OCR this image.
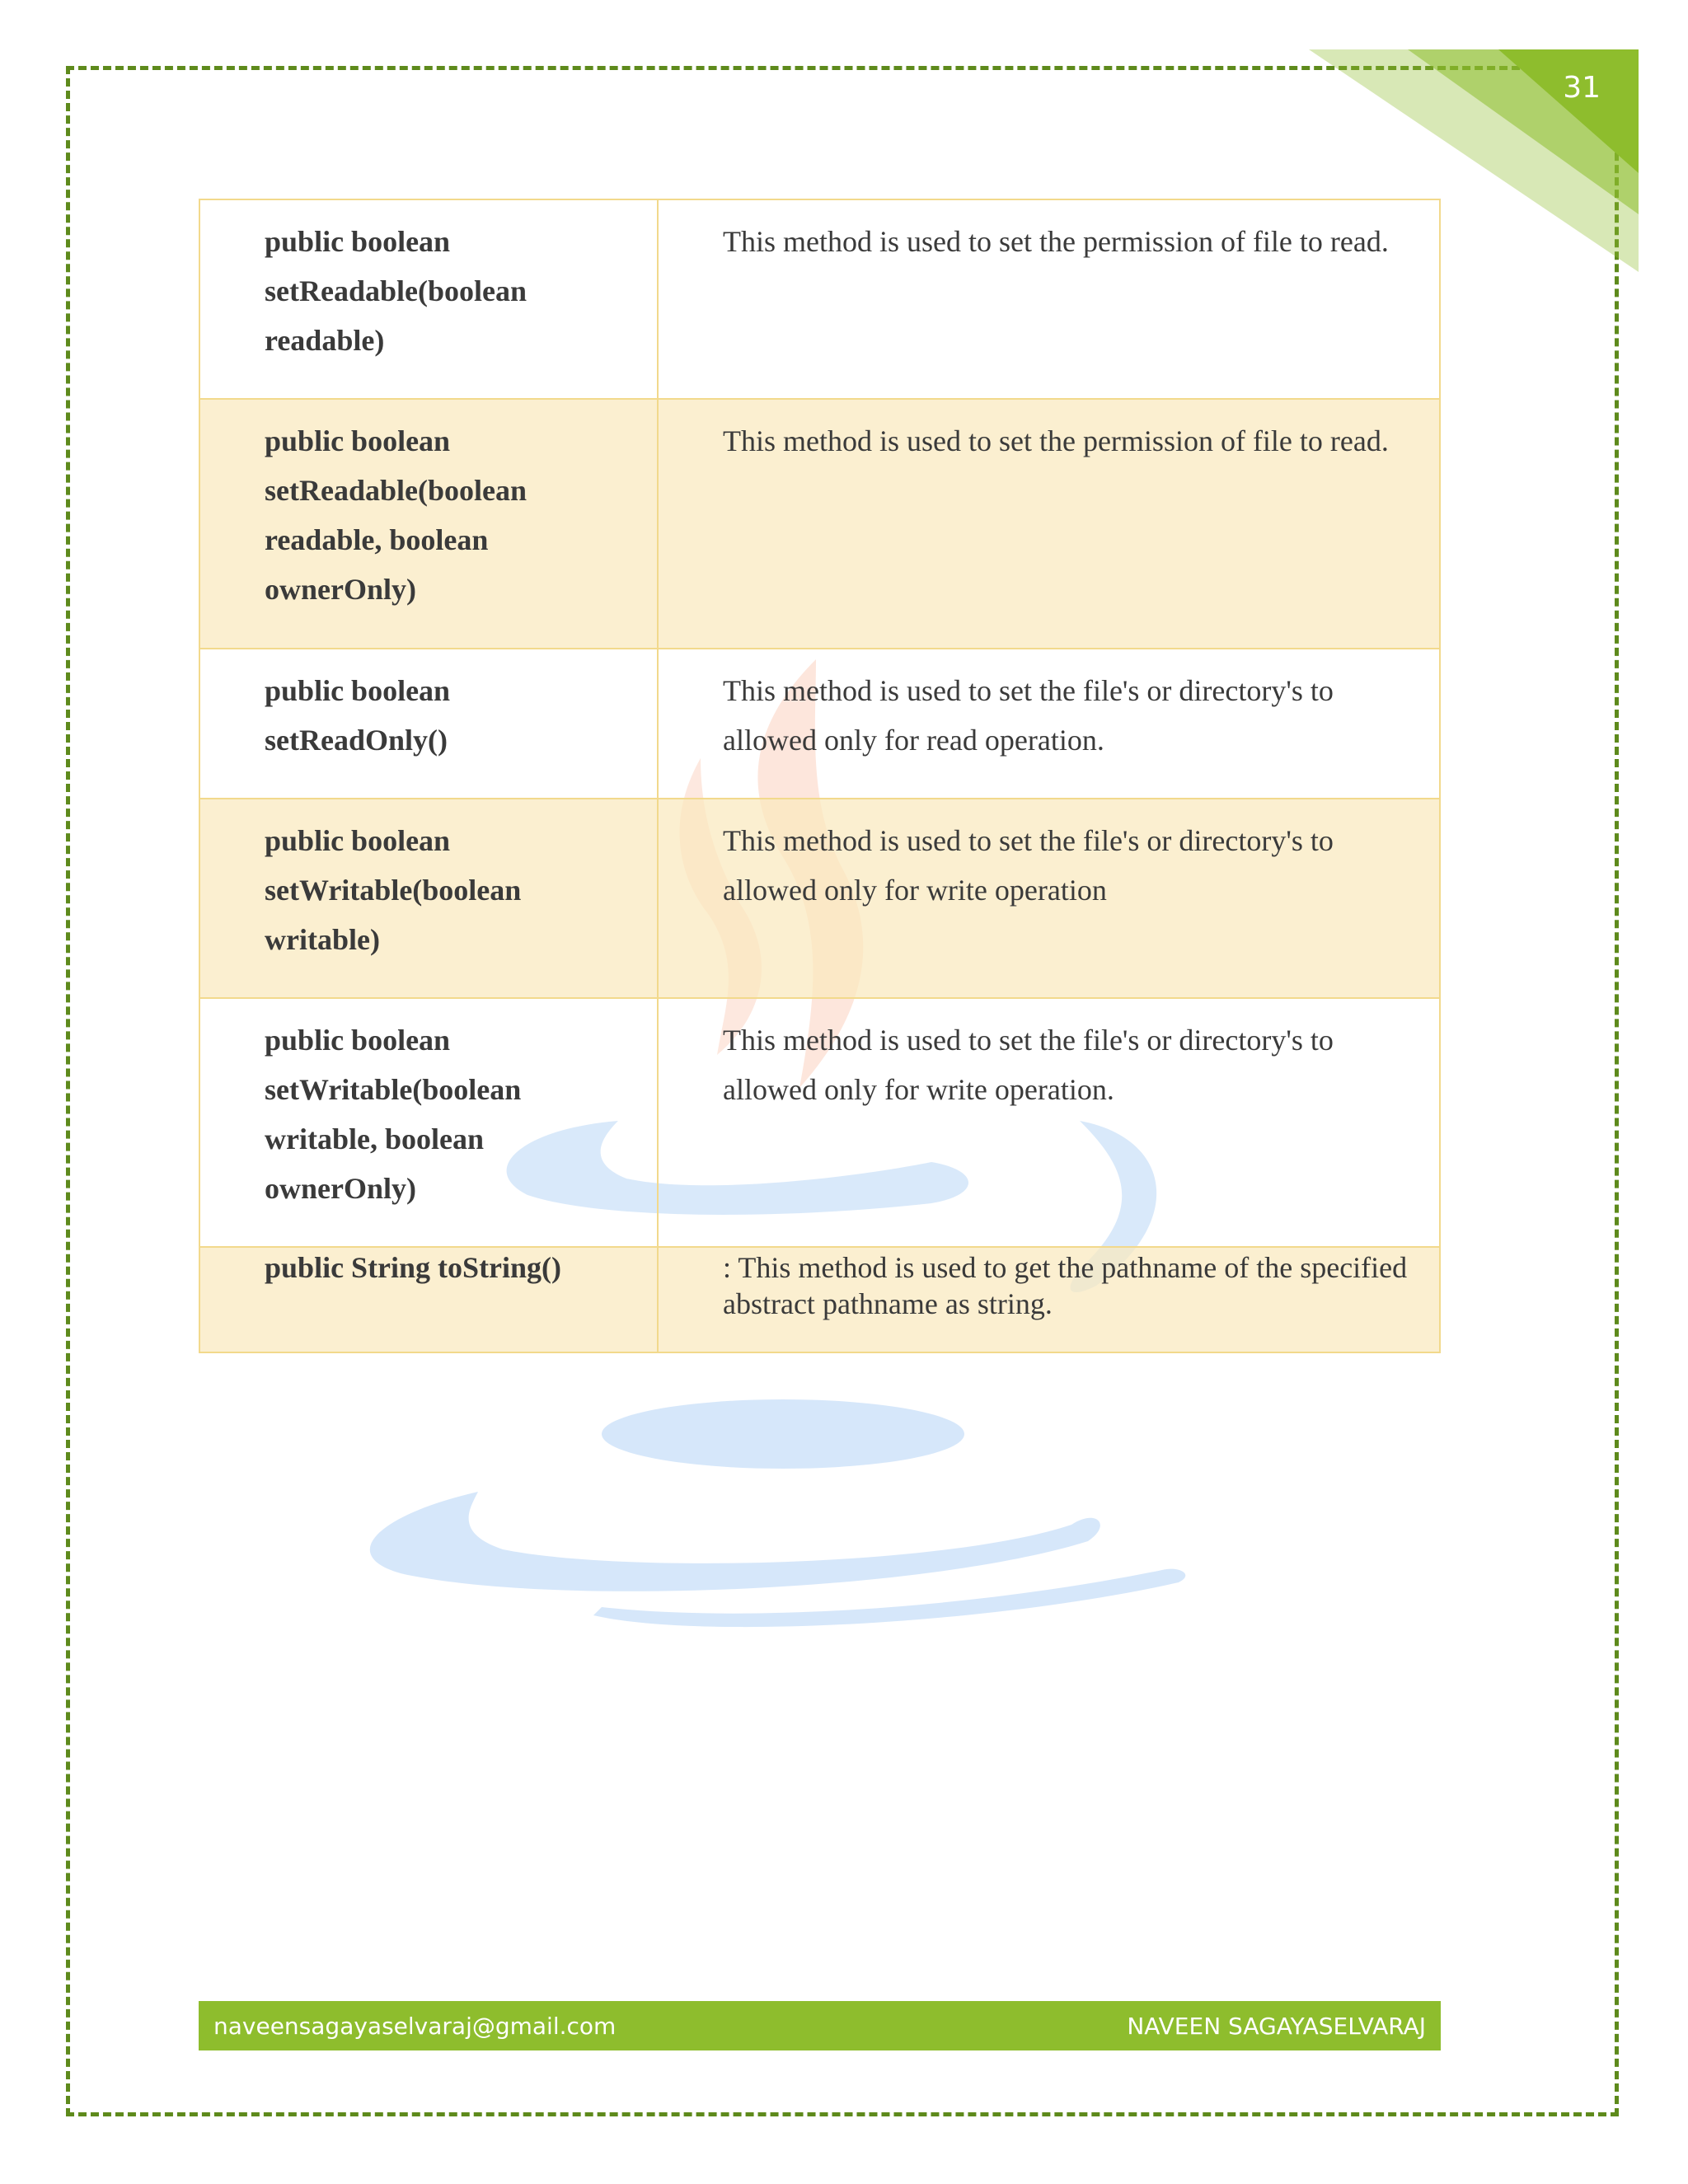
31
public boolean setReadable(boolean readable)
This method is used to set the permission of file to read.
public boolean setReadable(boolean readable, boolean ownerOnly)
This method is used to set the permission of file to read.
public boolean setReadOnly()
This method is used to set the file's or directory's to allowed only for read operation.
public boolean setWritable(boolean writable)
This method is used to set the file's or directory's to allowed only for write operation
public boolean setWritable(boolean writable, boolean ownerOnly)
This method is used to set the file's or directory's to allowed only for write operation.
public String toString()	: This method is used to get the pathname of the specified abstract pathname as string.
naveensagayaselvaraj@gmail.com	NAVEEN SAGAYASELVARAJ
